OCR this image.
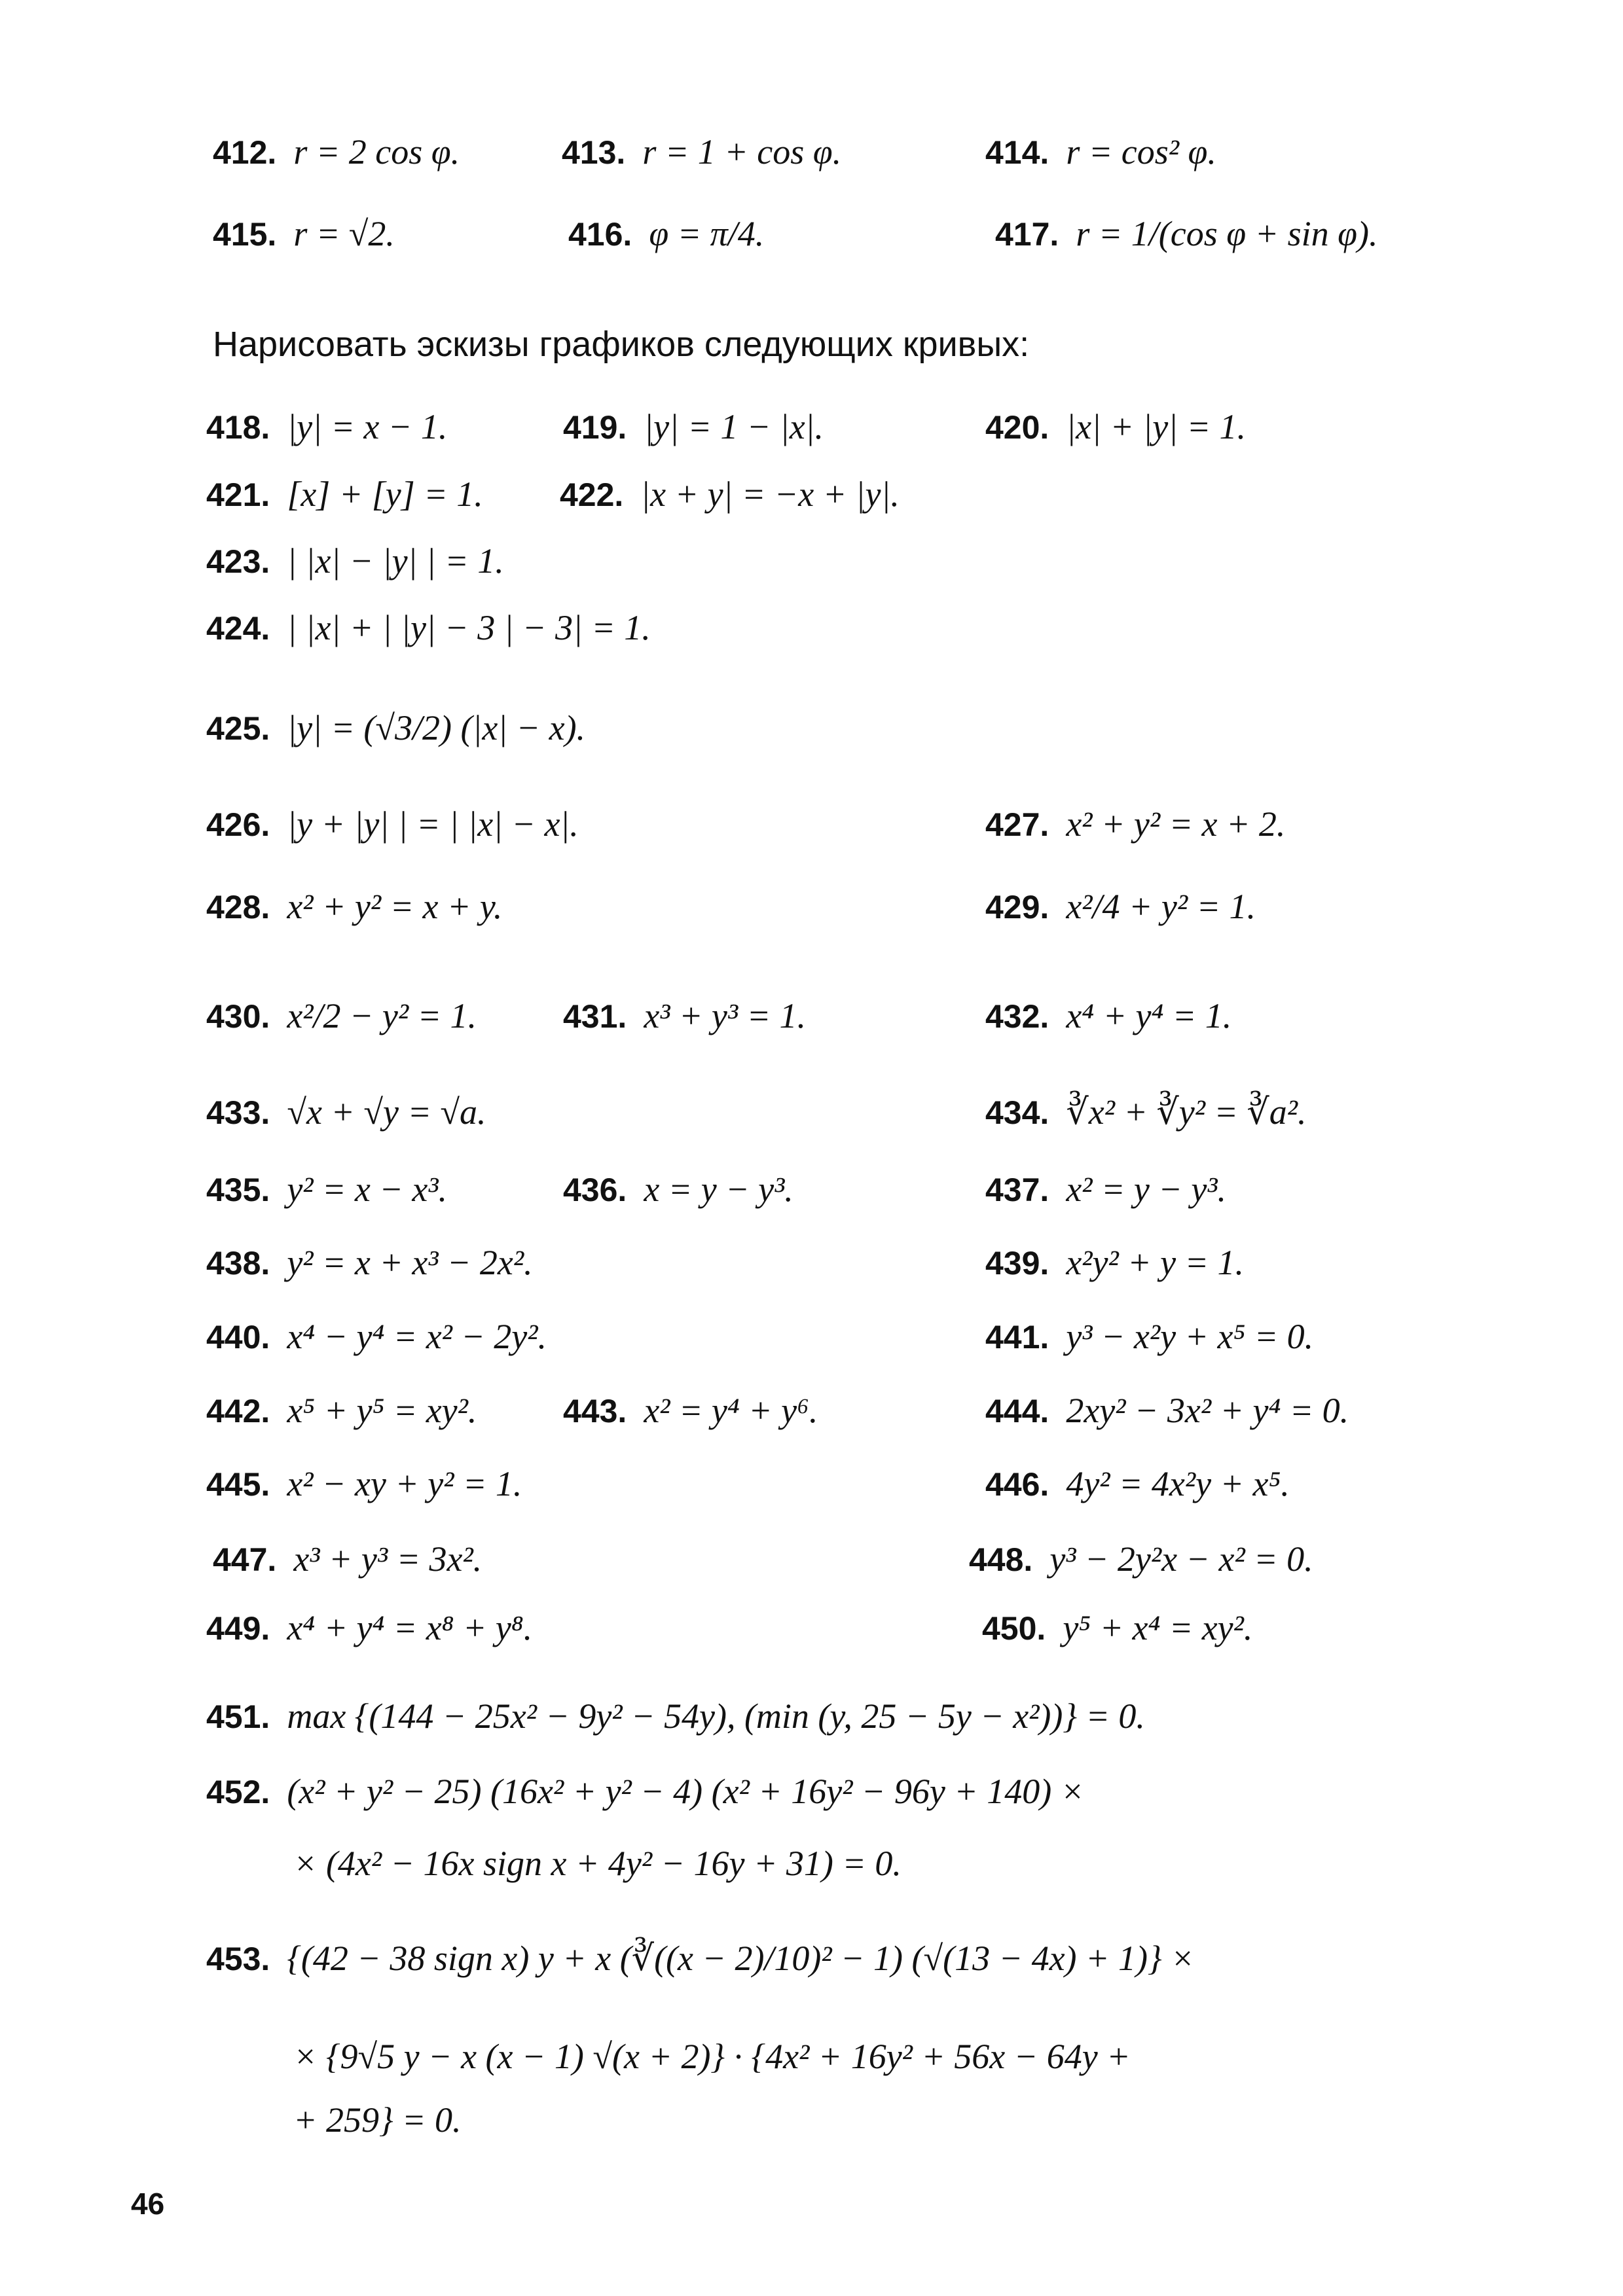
412. r = 2 cos φ.	413. r = 1 + cos φ.	414. r = cos² φ.
415. r = √2.	416. φ = π/4.	417. r = 1/(cos φ + sin φ).
Нарисовать эскизы графиков следующих кривых:
418. |y| = x − 1.	419. |y| = 1 − |x|.	420. |x| + |y| = 1.
421. [x] + [y] = 1. 422. |x + y| = −x + |y|.
423. | |x| − |y| | = 1.
424. | |x| + | |y| − 3 | − 3| = 1.
425. |y| = (√3/2) (|x| − x).
426. |y + |y| | = | |x| − x|.	427. x² + y² = x + 2.
428. x² + y² = x + y.	429. x²/4 + y² = 1.
430. x²/2 − y² = 1.	431. x³ + y³ = 1.	432. x⁴ + y⁴ = 1.
433. √x + √y = √a.	434. ∛x² + ∛y² = ∛a².
435. y² = x − x³.	436. x = y − y³.	437. x² = y − y³.
438. y² = x + x³ − 2x².	439. x²y² + y = 1.
440. x⁴ − y⁴ = x² − 2y².	441. y³ − x²y + x⁵ = 0.
442. x⁵ + y⁵ = xy².	443. x² = y⁴ + y⁶.	444. 2xy² − 3x² + y⁴ = 0.
445. x² − xy + y² = 1.	446. 4y² = 4x²y + x⁵.
447. x³ + y³ = 3x².	448. y³ − 2y²x − x² = 0.
449. x⁴ + y⁴ = x⁸ + y⁸.	450. y⁵ + x⁴ = xy².
451. max {(144 − 25x² − 9y² − 54y), (min (y, 25 − 5y − x²))} = 0.
452. (x² + y² − 25) (16x² + y² − 4) (x² + 16y² − 96y + 140) ×
× (4x² − 16x sign x + 4y² − 16y + 31) = 0.
453. {(42 − 38 sign x) y + x (∛((x − 2)/10)² − 1) (√(13 − 4x) + 1)} ×
× {9√5 y − x (x − 1) √(x + 2)} · {4x² + 16y² + 56x − 64y +
+ 259} = 0.
46
